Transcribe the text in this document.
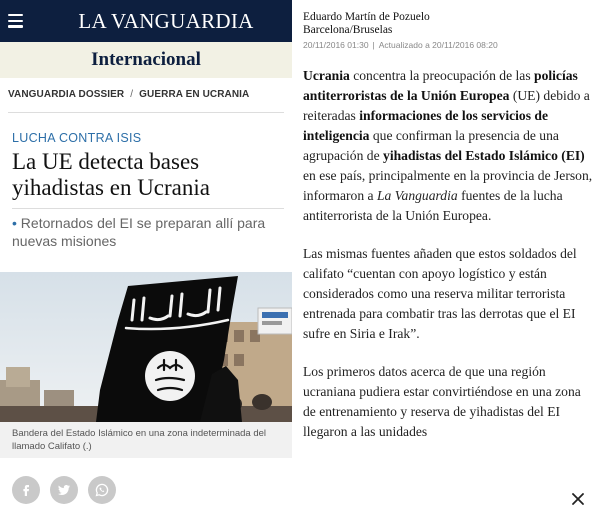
LA VANGUARDIA
Internacional
VANGUARDIA DOSSIER / GUERRA EN UCRANIA
LUCHA CONTRA ISIS
La UE detecta bases yihadistas en Ucrania
• Retornados del EI se preparan allí para nuevas misiones
Bandera del Estado Islámico en una zona indeterminada del llamado Califato (.)
Eduardo Martín de Pozuelo
Barcelona/Bruselas
20/11/2016 01:30 | Actualizado a 20/11/2016 08:20

Ucrania concentra la preocupación de las policías antiterroristas de la Unión Europea (UE) debido a reiteradas informaciones de los servicios de inteligencia que confirman la presencia de una agrupación de yihadistas del Estado Islámico (EI) en ese país, principalmente en la provincia de Jerson, informaron a La Vanguardia fuentes de la lucha antiterrorista de la Unión Europea.

Las mismas fuentes añaden que estos soldados del califato “cuentan con apoyo logístico y están considerados como una reserva militar terrorista entrenada para combatir tras las derrotas que el EI sufre en Siria e Irak”.

Los primeros datos acerca de que una región ucraniana pudiera estar convirtiéndose en una zona de entrenamiento y reserva de yihadistas del EI llegaron a las unidades
